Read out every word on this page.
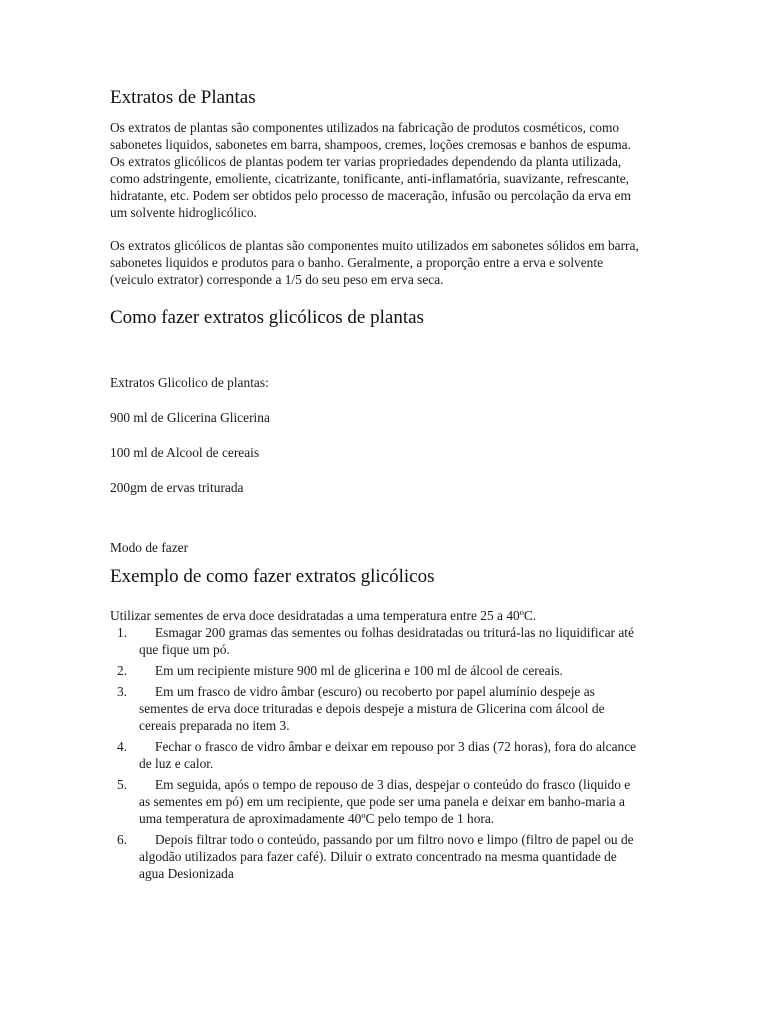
Extratos de Plantas

Os extratos de plantas são componentes utilizados na fabricação de produtos cosméticos, como sabonetes liquidos, sabonetes em barra, shampoos, cremes, loções cremosas e banhos de espuma. Os extratos glicólicos de plantas podem ter varias propriedades dependendo da planta utilizada, como adstringente, emoliente, cicatrizante, tonificante, anti-inflamatória, suavizante, refrescante, hidratante, etc. Podem ser obtidos pelo processo de maceração, infusão ou percolação da erva em um solvente hidroglicólico.

Os extratos glicólicos de plantas são componentes muito utilizados em sabonetes sólidos em barra, sabonetes liquidos e produtos para o banho. Geralmente, a proporção entre a erva e solvente (veiculo extrator) corresponde a 1/5 do seu peso em erva seca.

Como fazer extratos glicólicos de plantas

Extratos Glicolico de plantas:

900 ml de Glicerina Glicerina

100 ml de Alcool de cereais

200gm de ervas triturada

Modo de fazer

Exemplo de como fazer extratos glicólicos

Utilizar sementes de erva doce desidratadas a uma temperatura entre 25 a 40ºC.

1.	Esmagar 200 gramas das sementes ou folhas desidratadas ou triturá-las no liquidificar até que fique um pó.
2.	Em um recipiente misture 900 ml de glicerina e 100 ml de álcool de cereais.
3.	Em um frasco de vidro âmbar (escuro) ou recoberto por papel alumínio despeje as sementes de erva doce trituradas e depois despeje a mistura de Glicerina com álcool de cereais preparada no item 3.
4.	Fechar o frasco de vidro âmbar e deixar em repouso por 3 dias (72 horas), fora do alcance de luz e calor.
5.	Em seguida, após o tempo de repouso de 3 dias, despejar o conteúdo do frasco (liquido e as sementes em pó) em um recipiente, que pode ser uma panela e deixar em banho-maria a uma temperatura de aproximadamente 40ºC pelo tempo de 1 hora.
6.	Depois filtrar todo o conteúdo, passando por um filtro novo e limpo (filtro de papel ou de algodão utilizados para fazer café). Diluir o extrato concentrado na mesma quantidade de agua Desionizada
